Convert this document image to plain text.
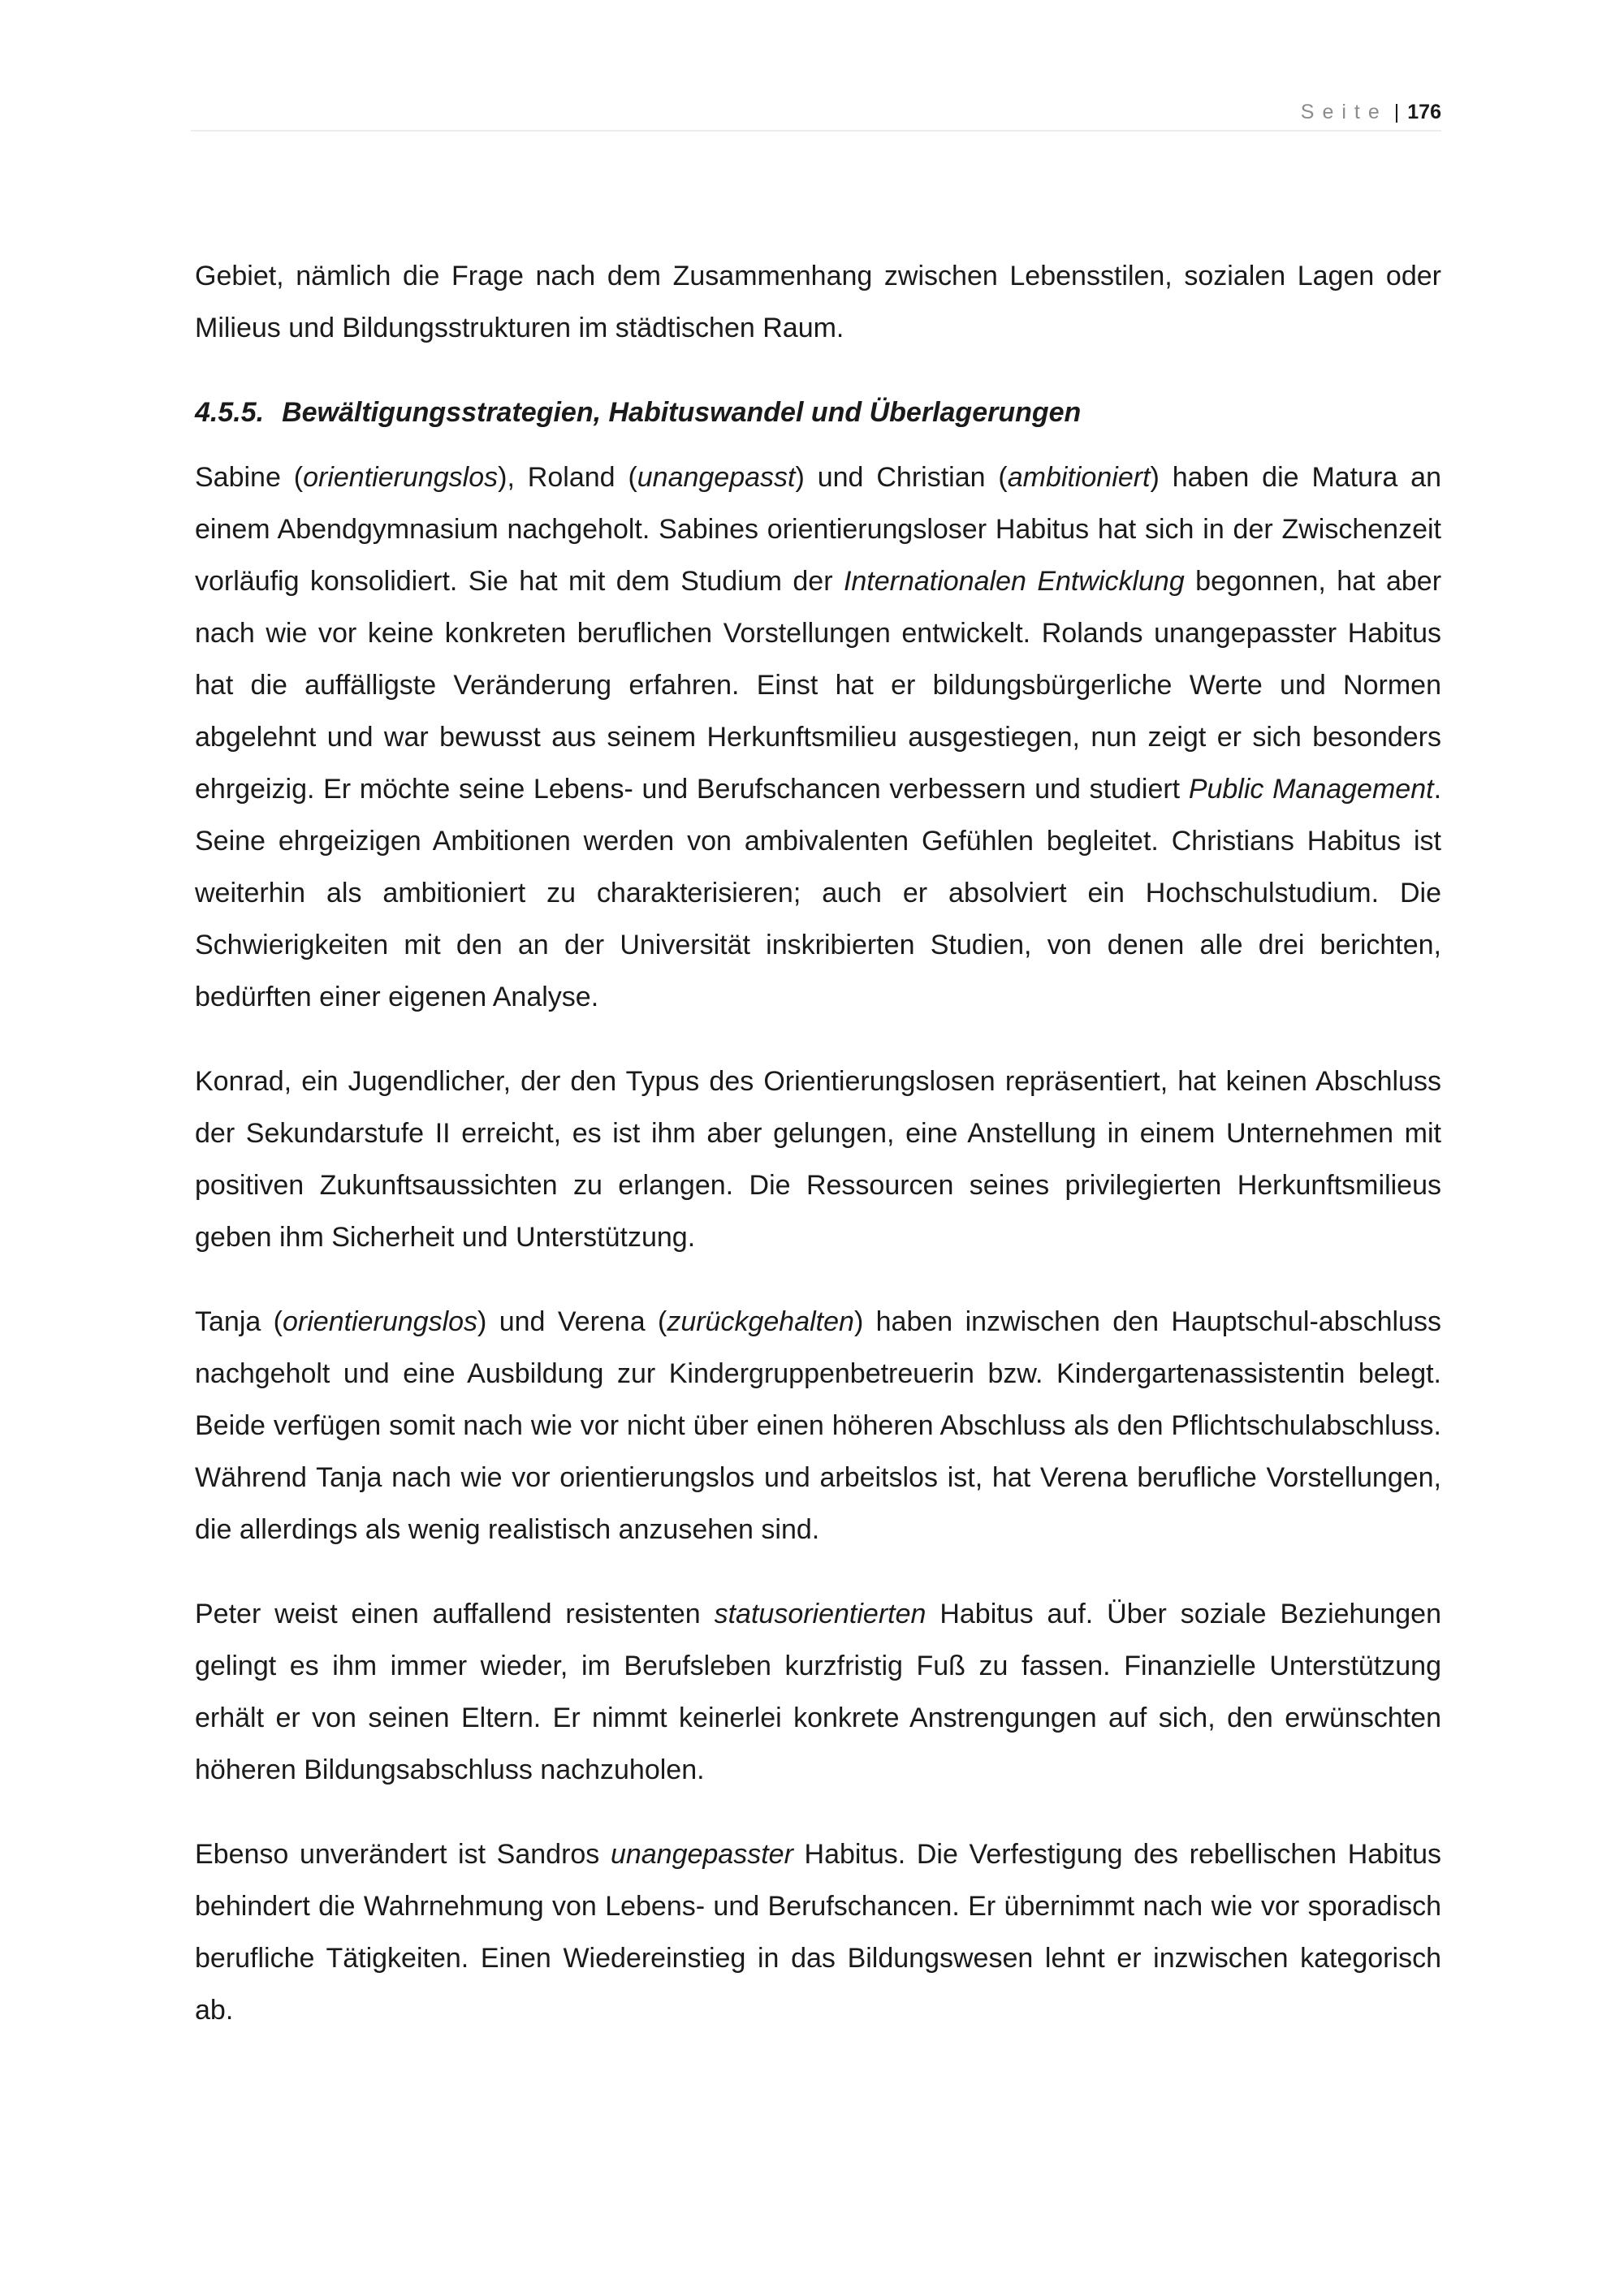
Seite | 176

Gebiet, nämlich die Frage nach dem Zusammenhang zwischen Lebensstilen, sozialen Lagen oder Milieus und Bildungsstrukturen im städtischen Raum.

4.5.5. Bewältigungsstrategien, Habituswandel und Überlagerungen

Sabine (orientierungslos), Roland (unangepasst) und Christian (ambitioniert) haben die Matura an einem Abendgymnasium nachgeholt. Sabines orientierungsloser Habitus hat sich in der Zwischenzeit vorläufig konsolidiert. Sie hat mit dem Studium der Internationalen Entwicklung begonnen, hat aber nach wie vor keine konkreten beruflichen Vorstellungen entwickelt. Rolands unangepasster Habitus hat die auffälligste Veränderung erfahren. Einst hat er bildungsbürgerliche Werte und Normen abgelehnt und war bewusst aus seinem Herkunftsmilieu ausgestiegen, nun zeigt er sich besonders ehrgeizig. Er möchte seine Lebens- und Berufschancen verbessern und studiert Public Management. Seine ehrgeizigen Ambitionen werden von ambivalenten Gefühlen begleitet. Christians Habitus ist weiterhin als ambitioniert zu charakterisieren; auch er absolviert ein Hochschulstudium. Die Schwierigkeiten mit den an der Universität inskribierten Studien, von denen alle drei berichten, bedürften einer eigenen Analyse.

Konrad, ein Jugendlicher, der den Typus des Orientierungslosen repräsentiert, hat keinen Abschluss der Sekundarstufe II erreicht, es ist ihm aber gelungen, eine Anstellung in einem Unternehmen mit positiven Zukunftsaussichten zu erlangen. Die Ressourcen seines privilegierten Herkunftsmilieus geben ihm Sicherheit und Unterstützung.

Tanja (orientierungslos) und Verena (zurückgehalten) haben inzwischen den Hauptschul-abschluss nachgeholt und eine Ausbildung zur Kindergruppenbetreuerin bzw. Kindergartenassistentin belegt. Beide verfügen somit nach wie vor nicht über einen höheren Abschluss als den Pflichtschulabschluss. Während Tanja nach wie vor orientierungslos und arbeitslos ist, hat Verena berufliche Vorstellungen, die allerdings als wenig realistisch anzusehen sind.

Peter weist einen auffallend resistenten statusorientierten Habitus auf. Über soziale Beziehungen gelingt es ihm immer wieder, im Berufsleben kurzfristig Fuß zu fassen. Finanzielle Unterstützung erhält er von seinen Eltern. Er nimmt keinerlei konkrete Anstrengungen auf sich, den erwünschten höheren Bildungsabschluss nachzuholen.

Ebenso unverändert ist Sandros unangepasster Habitus. Die Verfestigung des rebellischen Habitus behindert die Wahrnehmung von Lebens- und Berufschancen. Er übernimmt nach wie vor sporadisch berufliche Tätigkeiten. Einen Wiedereinstieg in das Bildungswesen lehnt er inzwischen kategorisch ab.
